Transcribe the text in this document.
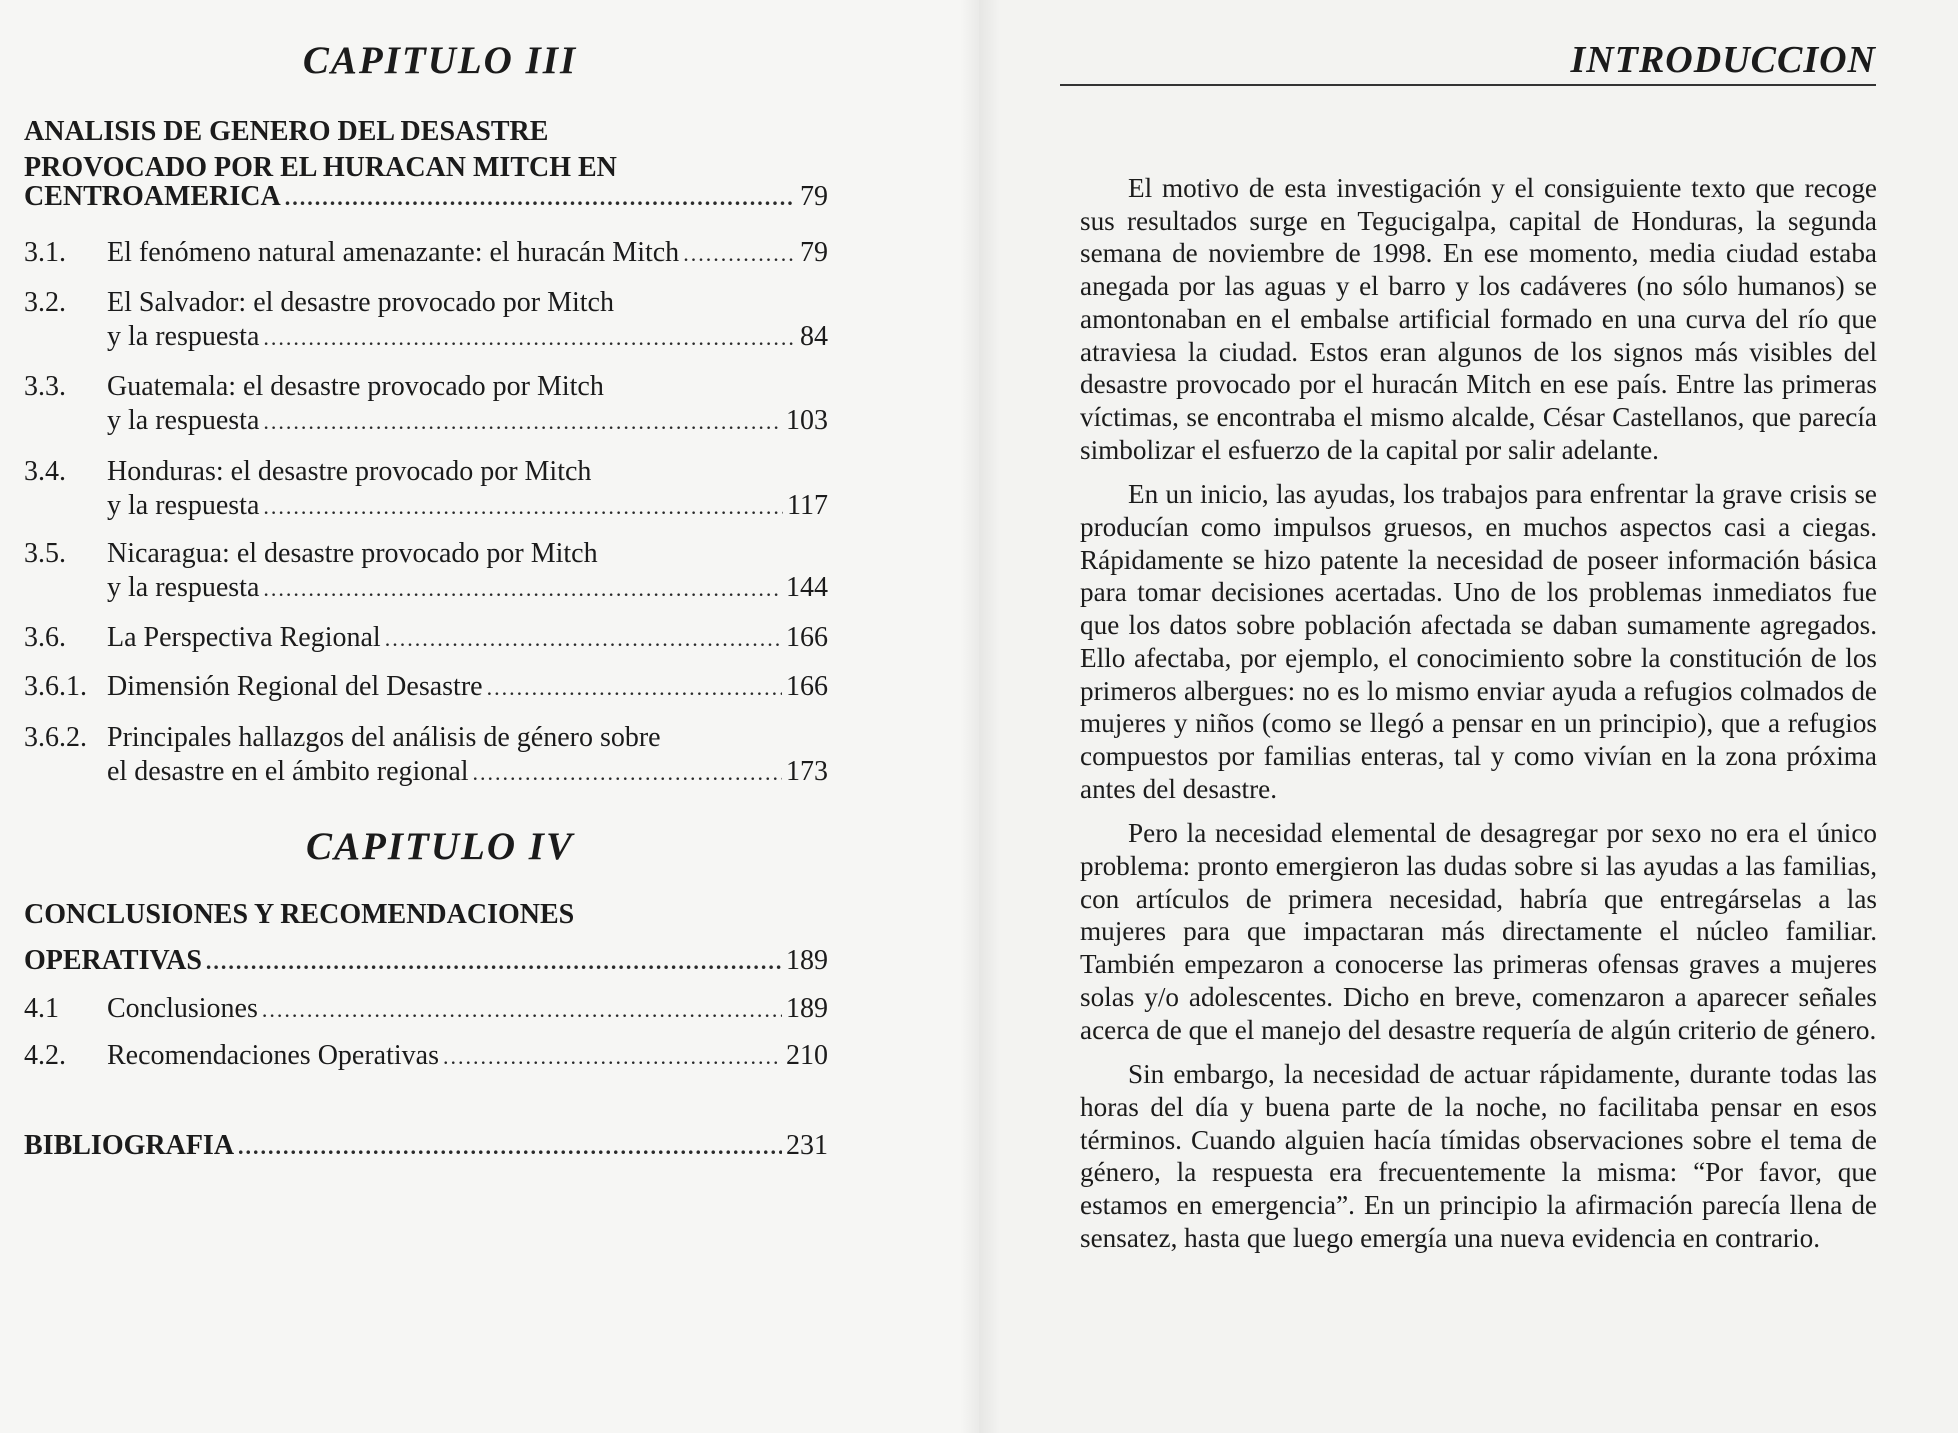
CAPITULO III
ANALISIS DE GENERO DEL DESASTRE
PROVOCADO POR EL HURACAN MITCH EN
CENTROAMERICA .....	79
3.1. El fenómeno natural amenazante: el huracán Mitch .....	79
3.2. El Salvador: el desastre provocado por Mitch
y la respuesta .....	84
3.3. Guatemala: el desastre provocado por Mitch
y la respuesta .....	103
3.4. Honduras: el desastre provocado por Mitch
y la respuesta .....	117
3.5. Nicaragua: el desastre provocado por Mitch
y la respuesta .....	144
3.6. La Perspectiva Regional .....	166
3.6.1. Dimensión Regional del Desastre .....	166
3.6.2. Principales hallazgos del análisis de género sobre
el desastre en el ámbito regional .....	173
CAPITULO IV
CONCLUSIONES Y RECOMENDACIONES
OPERATIVAS .....	189
4.1 Conclusiones .....	189
4.2. Recomendaciones Operativas .....	210
BIBLIOGRAFIA .....	231
INTRODUCCION

El motivo de esta investigación y el consiguiente texto que recoge sus resultados surge en Tegucigalpa, capital de Honduras, la segunda semana de noviembre de 1998. En ese momento, media ciudad estaba anegada por las aguas y el barro y los cadáveres (no sólo humanos) se amontonaban en el embalse artificial formado en una curva del río que atraviesa la ciudad. Estos eran algunos de los signos más visibles del desastre provocado por el huracán Mitch en ese país. Entre las primeras víctimas, se encontraba el mismo alcalde, César Castellanos, que parecía simbolizar el esfuerzo de la capital por salir adelante.

En un inicio, las ayudas, los trabajos para enfrentar la grave crisis se producían como impulsos gruesos, en muchos aspectos casi a ciegas. Rápidamente se hizo patente la necesidad de poseer información básica para tomar decisiones acertadas. Uno de los problemas inmediatos fue que los datos sobre población afectada se daban sumamente agregados. Ello afectaba, por ejemplo, el conocimiento sobre la constitución de los primeros albergues: no es lo mismo enviar ayuda a refugios colmados de mujeres y niños (como se llegó a pensar en un principio), que a refugios compuestos por familias enteras, tal y como vivían en la zona próxima antes del desastre.

Pero la necesidad elemental de desagregar por sexo no era el único problema: pronto emergieron las dudas sobre si las ayudas a las familias, con artículos de primera necesidad, habría que entregárselas a las mujeres para que impactaran más directamente el núcleo familiar. También empezaron a conocerse las primeras ofensas graves a mujeres solas y/o adolescentes. Dicho en breve, comenzaron a aparecer señales acerca de que el manejo del desastre requería de algún criterio de género.

Sin embargo, la necesidad de actuar rápidamente, durante todas las horas del día y buena parte de la noche, no facilitaba pensar en esos términos. Cuando alguien hacía tímidas observaciones sobre el tema de género, la respuesta era frecuentemente la misma: “Por favor, que estamos en emergencia”. En un principio la afirmación parecía llena de sensatez, hasta que luego emergía una nueva evidencia en contrario.
